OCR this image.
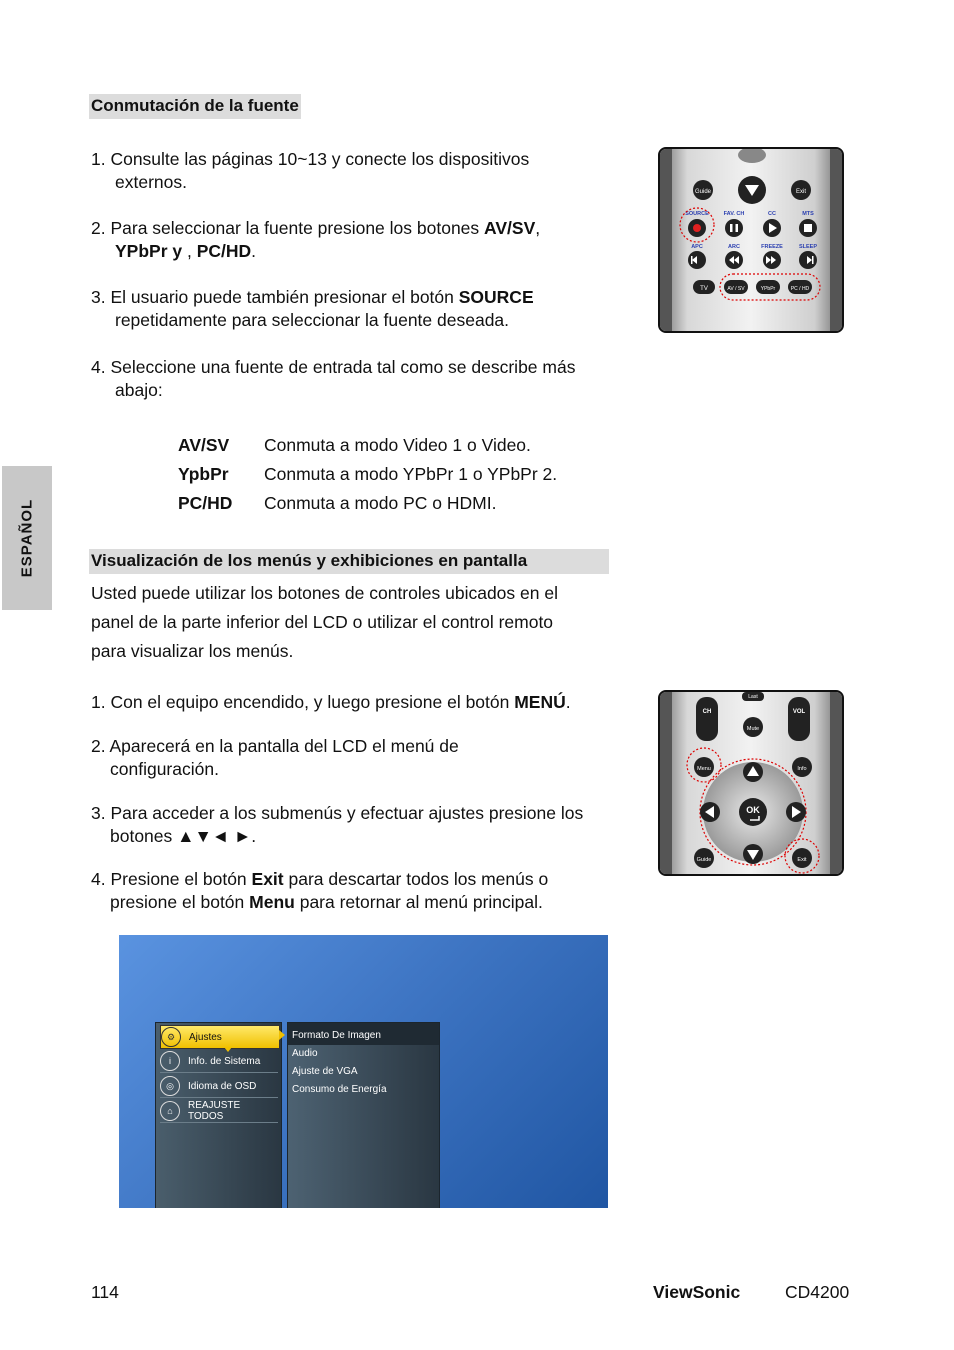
Conmutación de la fuente
1. Consulte las páginas 10~13 y conecte los dispositivos
externos.
2. Para seleccionar la fuente presione los botones AV/SV,
YPbPr y , PC/HD.
3. El usuario puede también presionar el botón SOURCE
repetidamente para seleccionar la fuente deseada.
4. Seleccione una fuente de entrada tal como se describe más
abajo:
AV/SV Conmuta a modo Video 1 o Video.
YpbPr Conmuta a modo YPbPr 1 o YPbPr 2.
PC/HD Conmuta a modo PC o HDMI.
ESPAÑOL
Guide	Exit
SOURCE	FAV. CH	CC	MTS
APC	ARC	FREEZE	SLEEP
TV	AV / SV	YPbPr	PC / HD
Visualización de los menús y exhibiciones en pantalla
Usted puede utilizar los botones de controles ubicados en el
panel de la parte inferior del LCD o utilizar el control remoto
para visualizar los menús.
1. Con el equipo encendido, y luego presione el botón MENÚ.
2. Aparecerá en la pantalla del LCD el menú de
configuración.
3. Para acceder a los submenús y efectuar ajustes presione los
botones ▲▼◄ ►.
4. Presione el botón Exit para descartar todos los menús o
presione el botón Menu para retornar al menú principal.
Last
CH	VOL
Mute
Menu	Info
OK
Guide	Exit
⚙	Ajustes
i	Info. de Sistema
◎	Idioma de OSD
⌂	REAJUSTE TODOS
Formato De Imagen
Audio
Ajuste de VGA
Consumo de Energía
114	ViewSonic	CD4200
